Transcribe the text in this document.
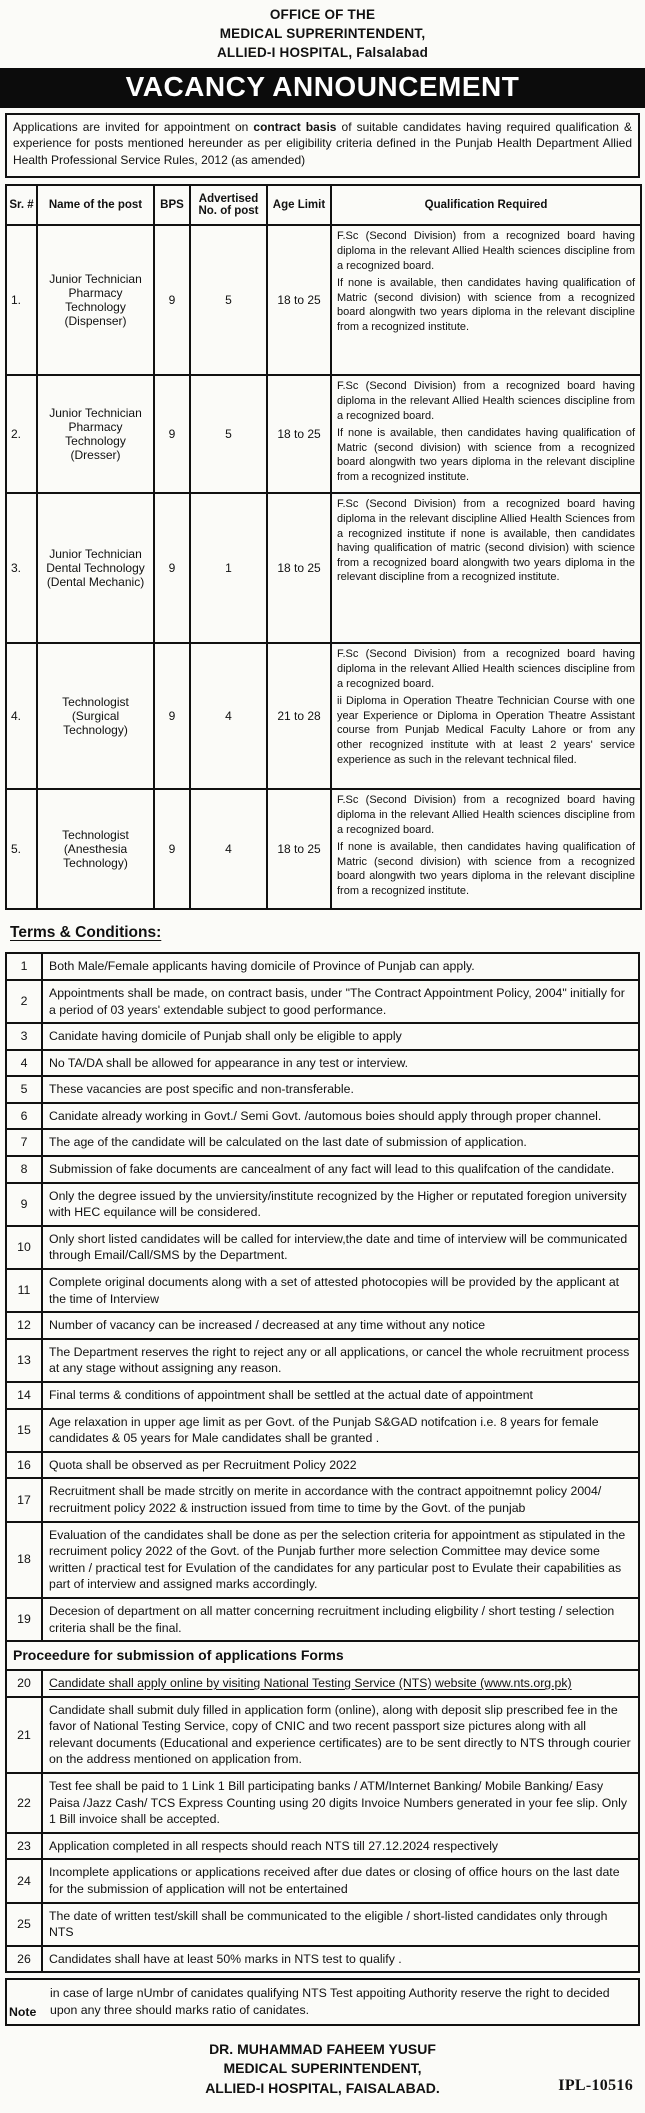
OFFICE OF THE
MEDICAL SUPRERINTENDENT,
ALLIED-I HOSPITAL, Falsalabad
VACANCY ANNOUNCEMENT
Applications are invited for appointment on contract basis of suitable candidates having required qualification & experience for posts mentioned hereunder as per eligibility criteria defined in the Punjab Health Department Allied Health Professional Service Rules, 2012 (as amended)
Sr. #	Name of the post	BPS	Advertised No. of post	Age Limit	Qualification Required
1.	Junior Technician Pharmacy Technology (Dispenser)	9	5	18 to 25	F.Sc (Second Division) from a recognized board having diploma in the relevant Allied Health sciences discipline from a recognized board.

If none is available, then candidates having qualification of Matric (second division) with science from a recognized board alongwith two years diploma in the relevant discipline from a recognized institute.

2.	Junior Technician Pharmacy Technology (Dresser)	9	5	18 to 25	F.Sc (Second Division) from a recognized board having diploma in the relevant Allied Health sciences discipline from a recognized board.

If none is available, then candidates having qualification of Matric (second division) with science from a recognized board alongwith two years diploma in the relevant discipline from a recognized institute.

3.	Junior Technician Dental Technology (Dental Mechanic)	9	1	18 to 25	F.Sc (Second Division) from a recognized board having diploma in the relevant discipline Allied Health Sciences from a recognized institute if none is available, then candidates having qualification of matric (second division) with science from a recognized board alongwith two years diploma in the relevant discipline from a recognized institute.

4.	Technologist (Surgical Technology)	9	4	21 to 28	F.Sc (Second Division) from a recognized board having diploma in the relevant Allied Health sciences discipline from a recognized board.

ii Diploma in Operation Theatre Technician Course with one year Experience or Diploma in Operation Theatre Assistant course from Punjab Medical Faculty Lahore or from any other recognized institute with at least 2 years' service experience as such in the relevant technical filed.

5.	Technologist (Anesthesia Technology)	9	4	18 to 25	F.Sc (Second Division) from a recognized board having diploma in the relevant Allied Health sciences discipline from a recognized board.

If none is available, then candidates having qualification of Matric (second division) with science from a recognized board alongwith two years diploma in the relevant discipline from a recognized institute.

Terms & Conditions:
1	Both Male/Female applicants having domicile of Province of Punjab can apply.
2	Appointments shall be made, on contract basis, under "The Contract Appointment Policy, 2004" initially for a period of 03 years' extendable subject to good performance.
3	Canidate having domicile of Punjab shall only be eligible to apply
4	No TA/DA shall be allowed for appearance in any test or interview.
5	These vacancies are post specific and non-transferable.
6	Canidate already working in Govt./ Semi Govt. /automous boies should apply through proper channel.
7	The age of the candidate will be calculated on the last date of submission of application.
8	Submission of fake documents are cancealment of any fact will lead to this qualifcation of the candidate.
9	Only the degree issued by the unviersity/institute recognized by the Higher or reputated foregion university with HEC equilance will be considered.
10	Only short listed candidates will be called for interview,the date and time of interview will be communicated through Email/Call/SMS by the Department.
11	Complete original documents along with a set of attested photocopies will be provided by the applicant at the time of Interview
12	Number of vacancy can be increased / decreased at any time without any notice
13	The Department reserves the right to reject any or all applications, or cancel the whole recruitment process at any stage without assigning any reason.
14	Final terms & conditions of appointment shall be settled at the actual date of appointment
15	Age relaxation in upper age limit as per Govt. of the Punjab S&GAD notifcation i.e. 8 years for female candidates & 05 years for Male candidates shall be granted .
16	Quota shall be observed as per Recruitment Policy 2022
17	Recruitment shall be made strcitly on merite in accordance with the contract appoitnemnt policy 2004/ recruitment policy 2022 & instruction issued from time to time by the Govt. of the punjab
18	Evaluation of the candidates shall be done as per the selection criteria for appointment as stipulated in the recruiment policy 2022 of the Govt. of the Punjab further more selection Committee may device some written / practical test for Evulation of the candidates for any particular post to Evulate their capabilities as part of interview and assigned marks accordingly.
19	Decesion of department on all matter concerning recruitment including eligbility / short testing / selection criteria shall be the final.
Proceedure for submission of applications Forms	
20	Candidate shall apply online by visiting National Testing Service (NTS) website (www.nts.org.pk)
21	Candidate shall submit duly filled in application form (online), along with deposit slip prescribed fee in the favor of National Testing Service, copy of CNIC and two recent passport size pictures along with all relevant documents (Educational and experience certificates) are to be sent directly to NTS through courier on the address mentioned on application from.
22	Test fee shall be paid to 1 Link 1 Bill participating banks / ATM/Internet Banking/ Mobile Banking/ Easy Paisa /Jazz Cash/ TCS Express Counting using 20 digits Invoice Numbers generated in your fee slip. Only 1 Bill invoice shall be accepted.
23	Application completed in all respects should reach NTS till 27.12.2024 respectively
24	Incomplete applications or applications received after due dates or closing of office hours on the last date for the submission of application will not be entertained
25	The date of written test/skill shall be communicated to the eligible / short-listed candidates only through NTS
26	Candidates shall have at least 50% marks in NTS test to qualify .
Note	in case of large nUmbr of canidates qualifying NTS Test appoiting Authority reserve the right to decided upon any three should marks ratio of canidates.
DR. MUHAMMAD FAHEEM YUSUF
MEDICAL SUPERINTENDENT,
ALLIED-I HOSPITAL, FAISALABAD.	IPL-10516
